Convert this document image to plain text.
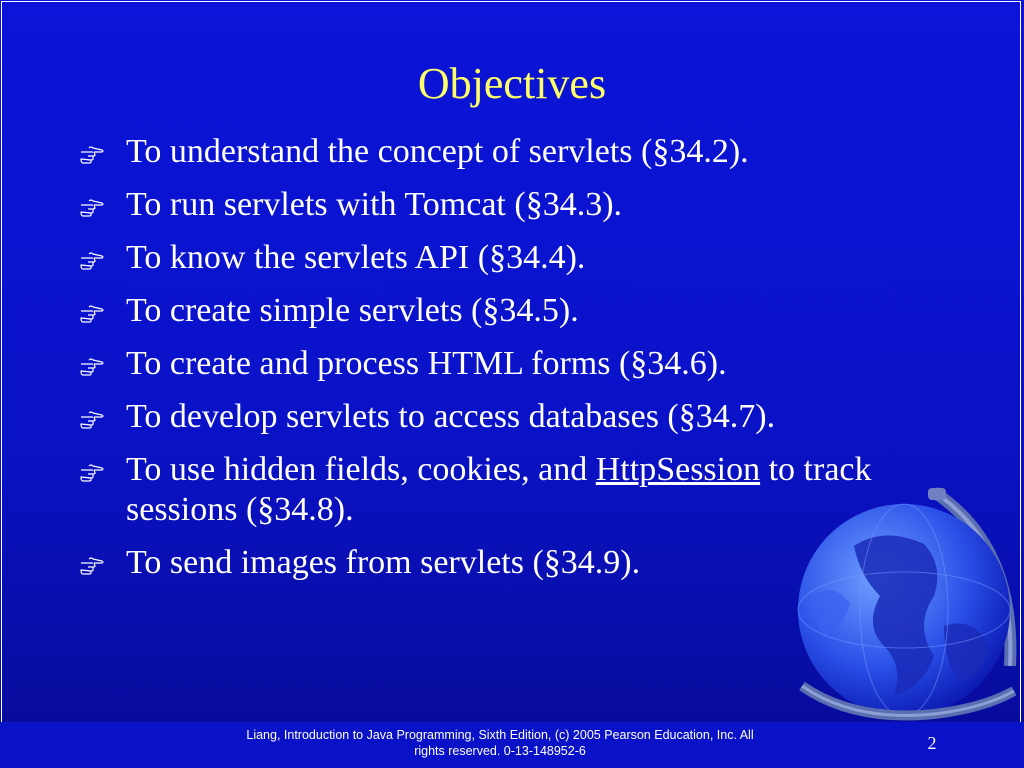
Objectives
To understand the concept of servlets (§34.2).
To run servlets with Tomcat (§34.3).
To know the servlets API (§34.4).
To create simple servlets (§34.5).
To create and process HTML forms (§34.6).
To develop servlets to access databases (§34.7).
To use hidden fields, cookies, and HttpSession to track sessions (§34.8).
To send images from servlets (§34.9).
Liang, Introduction to Java Programming, Sixth Edition, (c) 2005 Pearson Education, Inc. All
rights reserved. 0-13-148952-6	2
